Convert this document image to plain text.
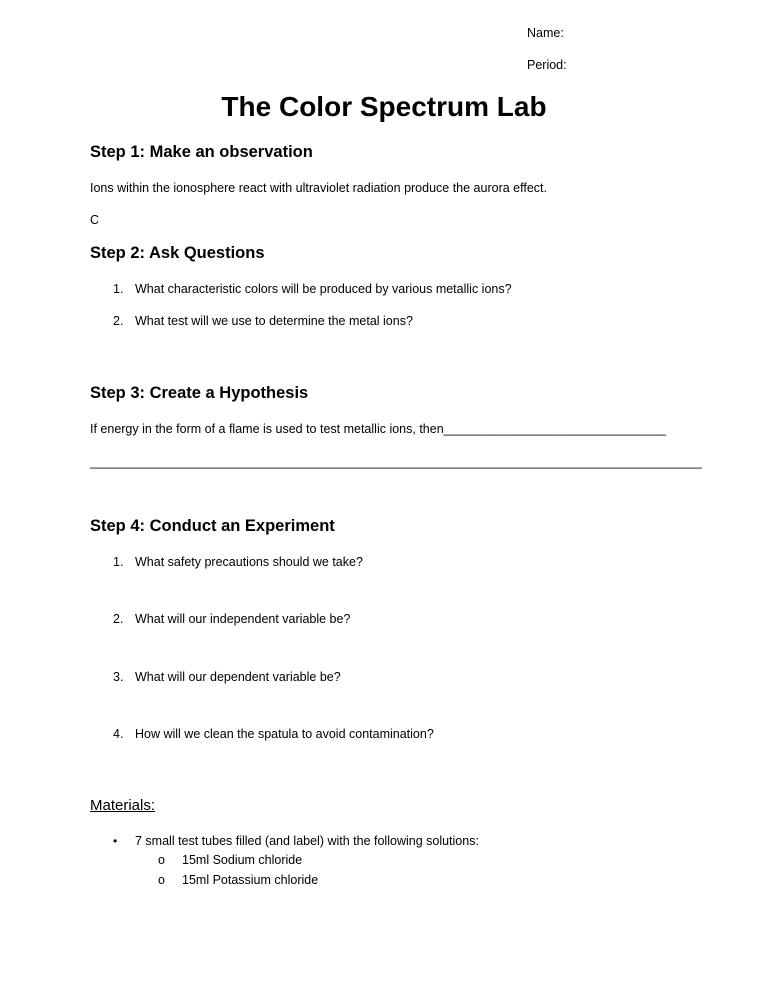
Name:

Period:

The Color Spectrum Lab
Step 1: Make an observation

Ions within the ionosphere react with ultraviolet radiation produce the aurora effect.

C

Step 2: Ask Questions

1. What characteristic colors will be produced by various metallic ions?

2. What test will we use to determine the metal ions?

Step 3: Create a Hypothesis

If energy in the form of a flame is used to test metallic ions, then________________________________

________________________________________________________________________________________

Step 4: Conduct an Experiment

1. What safety precautions should we take?

2. What will our independent variable be?

3. What will our dependent variable be?

4. How will we clean the spatula to avoid contamination?

Materials:

• 7 small test tubes filled (and label) with the following solutions:

o 15ml Sodium chloride

o 15ml Potassium chloride
